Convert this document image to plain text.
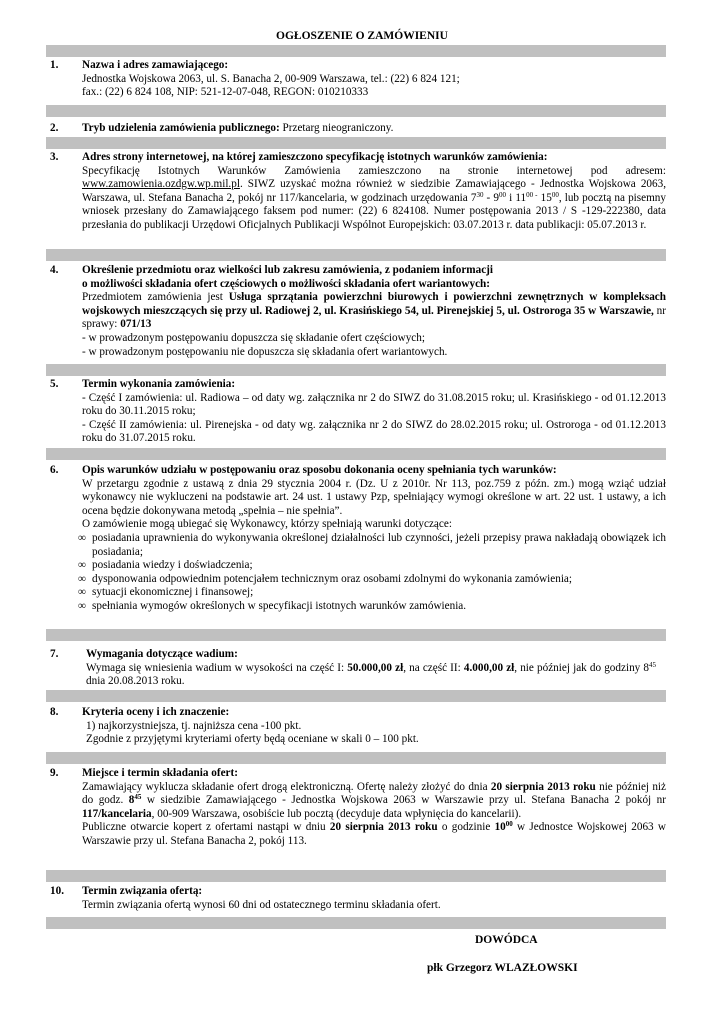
OGŁOSZENIE O ZAMÓWIENIU
1. Nazwa i adres zamawiającego:
Jednostka Wojskowa 2063, ul. S. Banacha 2, 00-909 Warszawa, tel.: (22) 6 824 121;
fax.: (22) 6 824 108, NIP: 521-12-07-048, REGON: 010210333
2. Tryb udzielenia zamówienia publicznego: Przetarg nieograniczony.
3. Adres strony internetowej, na której zamieszczono specyfikację istotnych warunków zamówienia:
Specyfikację Istotnych Warunków Zamówienia zamieszczono na stronie internetowej pod adresem: www.zamowienia.ozdgw.wp.mil.pl. SIWZ uzyskać można również w siedzibie Zamawiającego - Jednostka Wojskowa 2063, Warszawa, ul. Stefana Banacha 2, pokój nr 117/kancelaria, w godzinach urzędowania $7^{30} - 9^{00}$ i $11^{00 -}$ $15^{00}$, lub pocztą na pisemny wniosek przesłany do Zamawiającego faksem pod numer: (22) 6 824108. Numer postępowania 2013 / S -129-222380, data przesłania do publikacji Urzędowi Oficjalnych Publikacji Wspólnot Europejskich: 03.07.2013 r. data publikacji: 05.07.2013 r.
4. Określenie przedmiotu oraz wielkości lub zakresu zamówienia, z podaniem informacji
o możliwości składania ofert częściowych o możliwości składania ofert wariantowych:
Przedmiotem zamówienia jest Usługa sprzątania powierzchni biurowych i powierzchni zewnętrznych w kompleksach wojskowych mieszczących się przy ul. Radiowej 2, ul. Krasińskiego 54, ul. Pirenejskiej 5, ul. Ostroroga 35 w Warszawie, nr sprawy: 071/13
- w prowadzonym postępowaniu dopuszcza się składanie ofert częściowych;
- w prowadzonym postępowaniu nie dopuszcza się składania ofert wariantowych.
5. Termin wykonania zamówienia:
- Część I zamówienia: ul. Radiowa – od daty wg. załącznika nr 2 do SIWZ do 31.08.2015 roku; ul. Krasińskiego - od 01.12.2013 roku do 30.11.2015 roku;
- Część II zamówienia: ul. Pirenejska - od daty wg. załącznika nr 2 do SIWZ do 28.02.2015 roku; ul. Ostroroga - od 01.12.2013 roku do 31.07.2015 roku.
6. Opis warunków udziału w postępowaniu oraz sposobu dokonania oceny spełniania tych warunków:
W przetargu zgodnie z ustawą z dnia 29 stycznia 2004 r. (Dz. U z 2010r. Nr 113, poz.759 z późn. zm.) mogą wziąć udział wykonawcy nie wykluczeni na podstawie art. 24 ust. 1 ustawy Pzp, spełniający wymogi określone w art. 22 ust. 1 ustawy, a ich ocena będzie dokonywana metodą „spełnia – nie spełnia”.
O zamówienie mogą ubiegać się Wykonawcy, którzy spełniają warunki dotyczące:
∞ posiadania uprawnienia do wykonywania określonej działalności lub czynności, jeżeli przepisy prawa nakładają obowiązek ich posiadania;
∞ posiadania wiedzy i doświadczenia;
∞ dysponowania odpowiednim potencjałem technicznym oraz osobami zdolnymi do wykonania zamówienia;
∞ sytuacji ekonomicznej i finansowej;
∞ spełniania wymogów określonych w specyfikacji istotnych warunków zamówienia.
7. Wymagania dotyczące wadium:
Wymaga się wniesienia wadium w wysokości na część I: 50.000,00 zł, na część II: 4.000,00 zł, nie później jak do godziny $8^{45}$ dnia 20.08.2013 roku.
8. Kryteria oceny i ich znaczenie:
1) najkorzystniejsza, tj. najniższa cena -100 pkt.
Zgodnie z przyjętymi kryteriami oferty będą oceniane w skali 0 – 100 pkt.
9. Miejsce i termin składania ofert:
Zamawiający wyklucza składanie ofert drogą elektroniczną. Ofertę należy złożyć do dnia 20 sierpnia 2013 roku nie później niż do godz. $8^{45}$ w siedzibie Zamawiającego - Jednostka Wojskowa 2063 w Warszawie przy ul. Stefana Banacha 2 pokój nr 117/kancelaria, 00-909 Warszawa, osobiście lub pocztą (decyduje data wpłynięcia do kancelarii).
Publiczne otwarcie kopert z ofertami nastąpi w dniu 20 sierpnia 2013 roku o godzinie $10^{00}$ w Jednostce Wojskowej 2063 w Warszawie przy ul. Stefana Banacha 2, pokój 113.
10. Termin związania ofertą:
Termin związania ofertą wynosi 60 dni od ostatecznego terminu składania ofert.
DOWÓDCA
płk Grzegorz WLAZŁOWSKI
